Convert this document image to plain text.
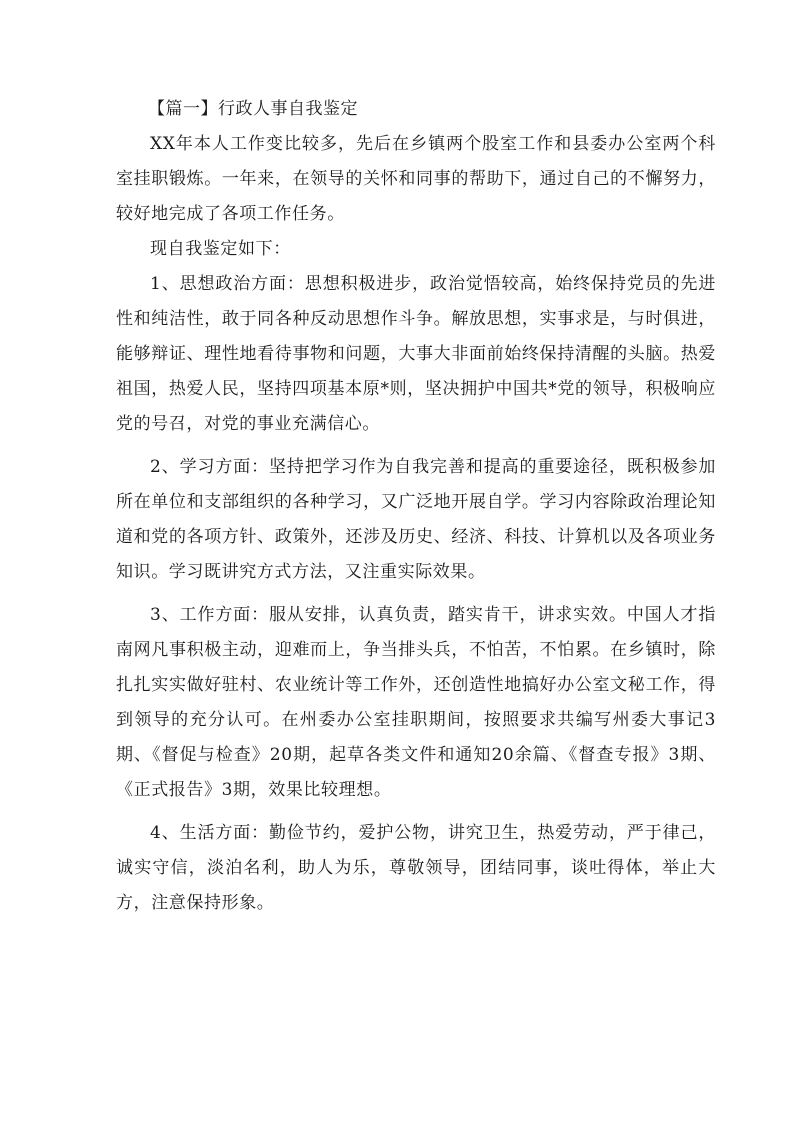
【篇一】行政人事自我鉴定

XX年本人工作变比较多，先后在乡镇两个股室工作和县委办公室两个科室挂职锻炼。一年来，在领导的关怀和同事的帮助下，通过自己的不懈努力，较好地完成了各项工作任务。

现自我鉴定如下：

1、思想政治方面：思想积极进步，政治觉悟较高，始终保持党员的先进性和纯洁性，敢于同各种反动思想作斗争。解放思想，实事求是，与时俱进，能够辩证、理性地看待事物和问题，大事大非面前始终保持清醒的头脑。热爱祖国，热爱人民，坚持四项基本原*则，坚决拥护中国共*党的领导，积极响应党的号召，对党的事业充满信心。

2、学习方面：坚持把学习作为自我完善和提高的重要途径，既积极参加所在单位和支部组织的各种学习，又广泛地开展自学。学习内容除政治理论知道和党的各项方针、政策外，还涉及历史、经济、科技、计算机以及各项业务知识。学习既讲究方式方法，又注重实际效果。

3、工作方面：服从安排，认真负责，踏实肯干，讲求实效。中国人才指南网凡事积极主动，迎难而上，争当排头兵，不怕苦，不怕累。在乡镇时，除扎扎实实做好驻村、农业统计等工作外，还创造性地搞好办公室文秘工作，得到领导的充分认可。在州委办公室挂职期间，按照要求共编写州委大事记3期、《督促与检查》20期，起草各类文件和通知20余篇、《督查专报》3期、《正式报告》3期，效果比较理想。

4、生活方面：勤俭节约，爱护公物，讲究卫生，热爱劳动，严于律己，诚实守信，淡泊名利，助人为乐，尊敬领导，团结同事，谈吐得体，举止大方，注意保持形象。
